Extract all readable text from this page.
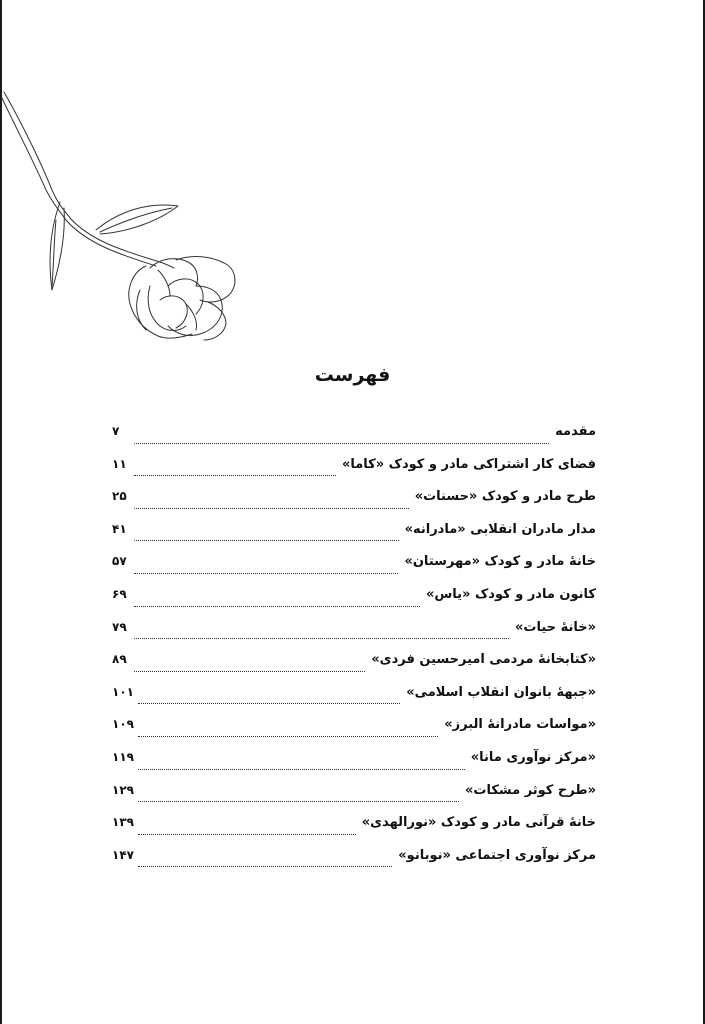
فهرست
مقدمه
۷
فضای کار اشتراکی مادر و کودک «کاما»
۱۱
طرح مادر و کودک «حسنات»
۲۵
مدار مادران انقلابی «مادرانه»
۴۱
خانۀ مادر و کودک «مهرستان»
۵۷
کانون مادر و کودک «یاس»
۶۹
«خانۀ حیات»
۷۹
«کتابخانۀ مردمی امیرحسین فردی»
۸۹
«جبهۀ بانوان انقلاب اسلامی»
۱۰۱
«مواسات مادرانۀ البرز»
۱۰۹
«مرکز نوآوری مانا»
۱۱۹
«طرح کوثر مشکات»
۱۲۹
خانۀ قرآنی مادر و کودک «نورالهدی»
۱۳۹
مرکز نوآوری اجتماعی «نوبانو»
۱۴۷
